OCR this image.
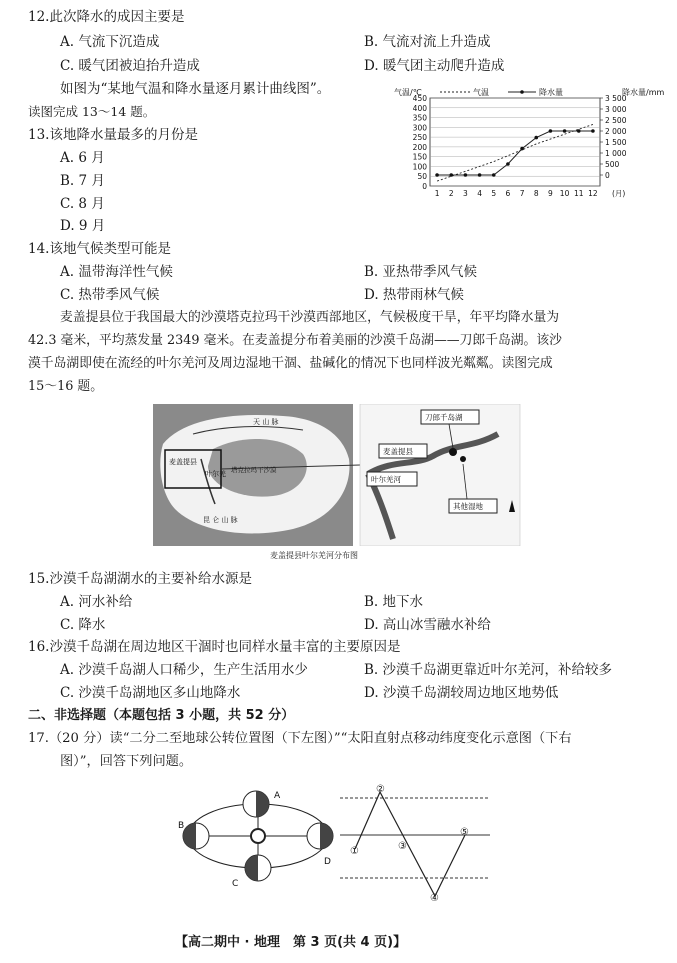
12.此次降水的成因主要是
A. 气流下沉造成	B. 气流对流上升造成
C. 暖气团被迫抬升造成	D. 暖气团主动爬升造成
如图为“某地气温和降水量逐月累计曲线图”。
读图完成 13～14 题。
13.该地降水量最多的月份是
A. 6 月
B. 7 月
C. 8 月
D. 9 月
0
50
100
150
200
250
300
350
400
450
0
500
1 000
1 500
2 000
2 500
3 000
3 500
1 2 3 4 5 6 7 8 9 10 11 12 (月)
气温/℃	降水量/mm
气温	降水量
14.该地气候类型可能是
A. 温带海洋性气候	B. 亚热带季风气候
C. 热带季风气候	D. 热带雨林气候
麦盖提县位于我国最大的沙漠塔克拉玛干沙漠西部地区，气候极度干旱，年平均降水量为
42.3 毫米，平均蒸发量 2349 毫米。在麦盖提分布着美丽的沙漠千岛湖——刀郎千岛湖。该沙
漠千岛湖即使在流经的叶尔羌河及周边湿地干涸、盐碱化的情况下也同样波光粼粼。读图完成
15～16 题。
麦盖提县
叶尔羌 塔克拉玛干沙漠
天 山 脉
昆 仑 山 脉
刀郎千岛湖
麦盖提县
叶尔羌河
其他湿地
麦盖提县叶尔羌河分布图
15.沙漠千岛湖湖水的主要补给水源是
A. 河水补给	B. 地下水
C. 降水	D. 高山冰雪融水补给
16.沙漠千岛湖在周边地区干涸时也同样水量丰富的主要原因是
A. 沙漠千岛湖人口稀少，生产生活用水少	B. 沙漠千岛湖更靠近叶尔羌河，补给较多
C. 沙漠千岛湖地区多山地降水	D. 沙漠千岛湖较周边地区地势低
二、非选择题（本题包括 3 小题，共 52 分）
17.（20 分）读“二分二至地球公转位置图（下左图）”“太阳直射点移动纬度变化示意图（下右
图）”，回答下列问题。
A
B
C
D
①
②
③
④
⑤
【高二期中 · 地理　第 3 页(共 4 页)】
